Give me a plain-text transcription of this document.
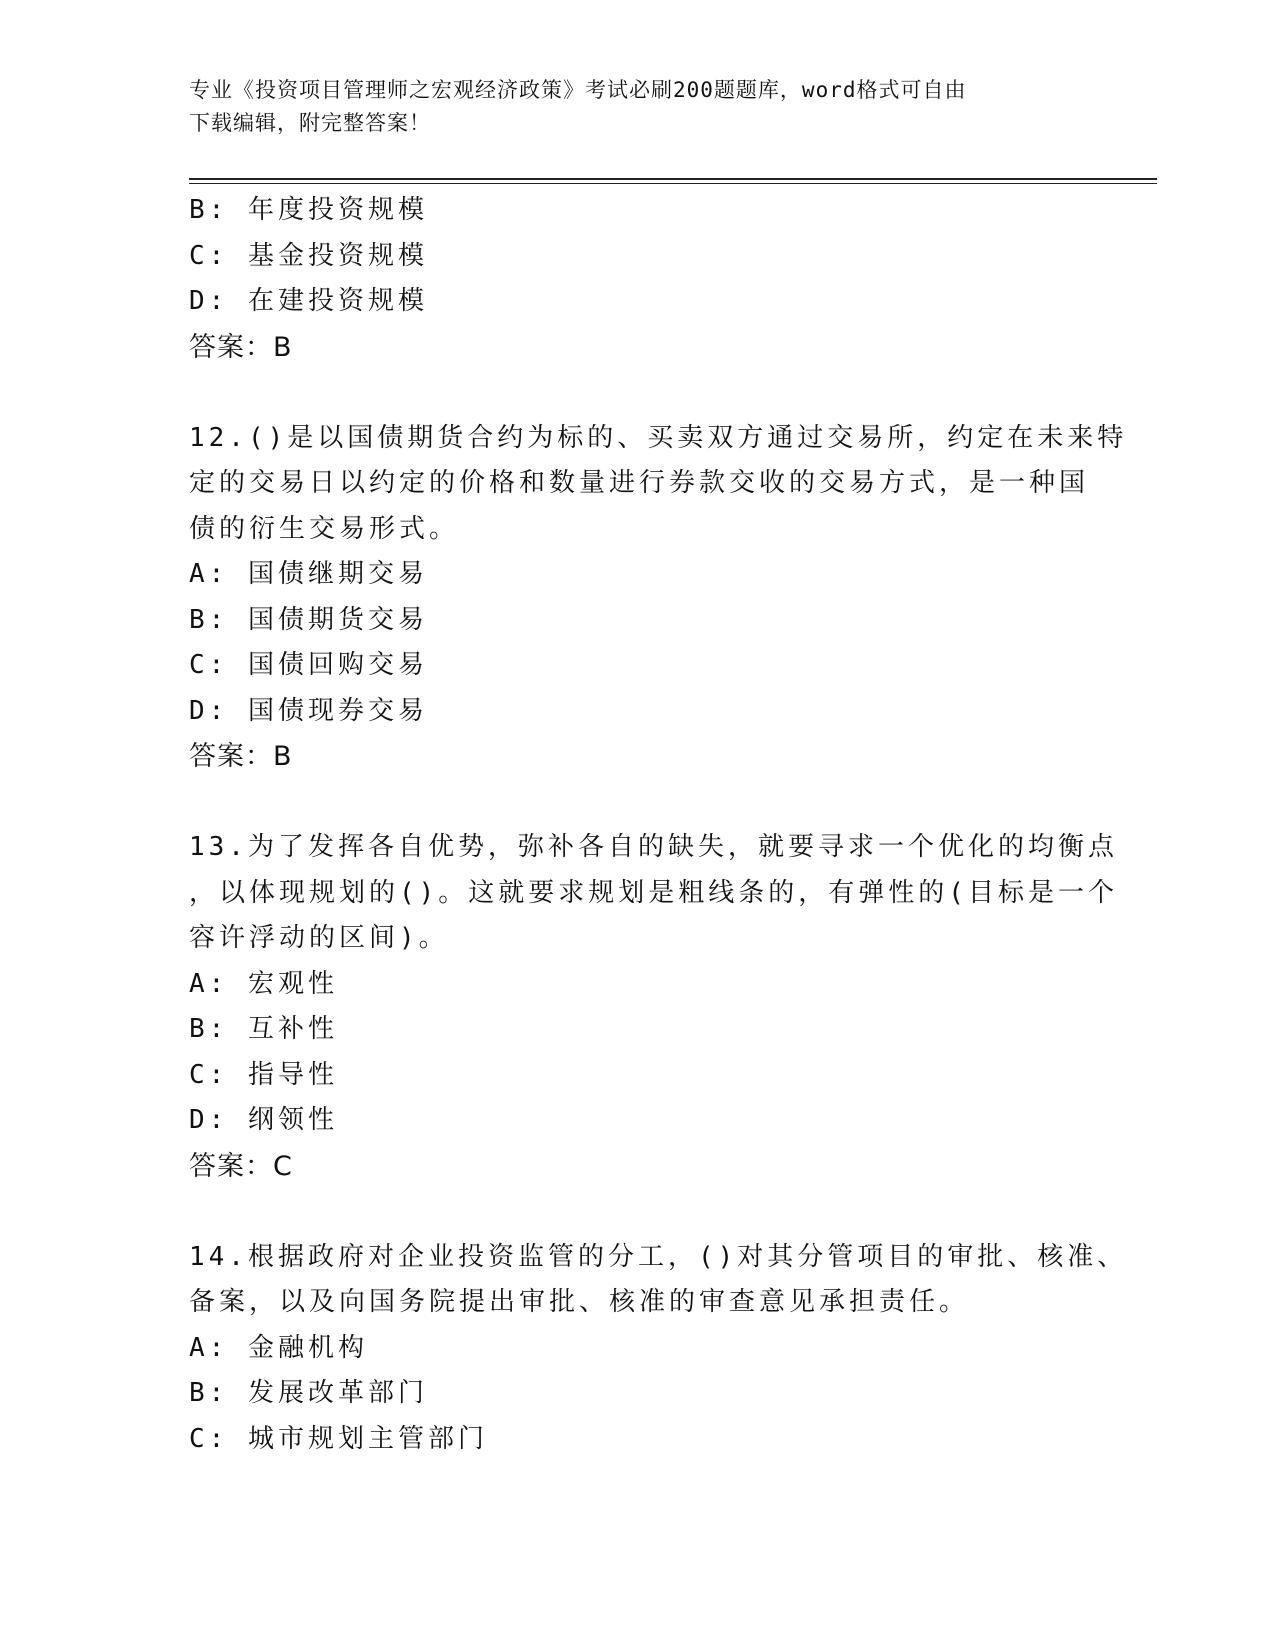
专业《投资项目管理师之宏观经济政策》考试必刷200题题库，word格式可自由
下载编辑，附完整答案！
B: 年度投资规模
C: 基金投资规模
D: 在建投资规模
答案：B
12.()是以国债期货合约为标的、买卖双方通过交易所，约定在未来特
定的交易日以约定的价格和数量进行券款交收的交易方式，是一种国
债的衍生交易形式。
A: 国债继期交易
B: 国债期货交易
C: 国债回购交易
D: 国债现券交易
答案：B
13.为了发挥各自优势，弥补各自的缺失，就要寻求一个优化的均衡点
，以体现规划的()。这就要求规划是粗线条的，有弹性的(目标是一个
容许浮动的区间)。
A: 宏观性
B: 互补性
C: 指导性
D: 纲领性
答案：C
14.根据政府对企业投资监管的分工，()对其分管项目的审批、核准、
备案，以及向国务院提出审批、核准的审查意见承担责任。
A: 金融机构
B: 发展改革部门
C: 城市规划主管部门
